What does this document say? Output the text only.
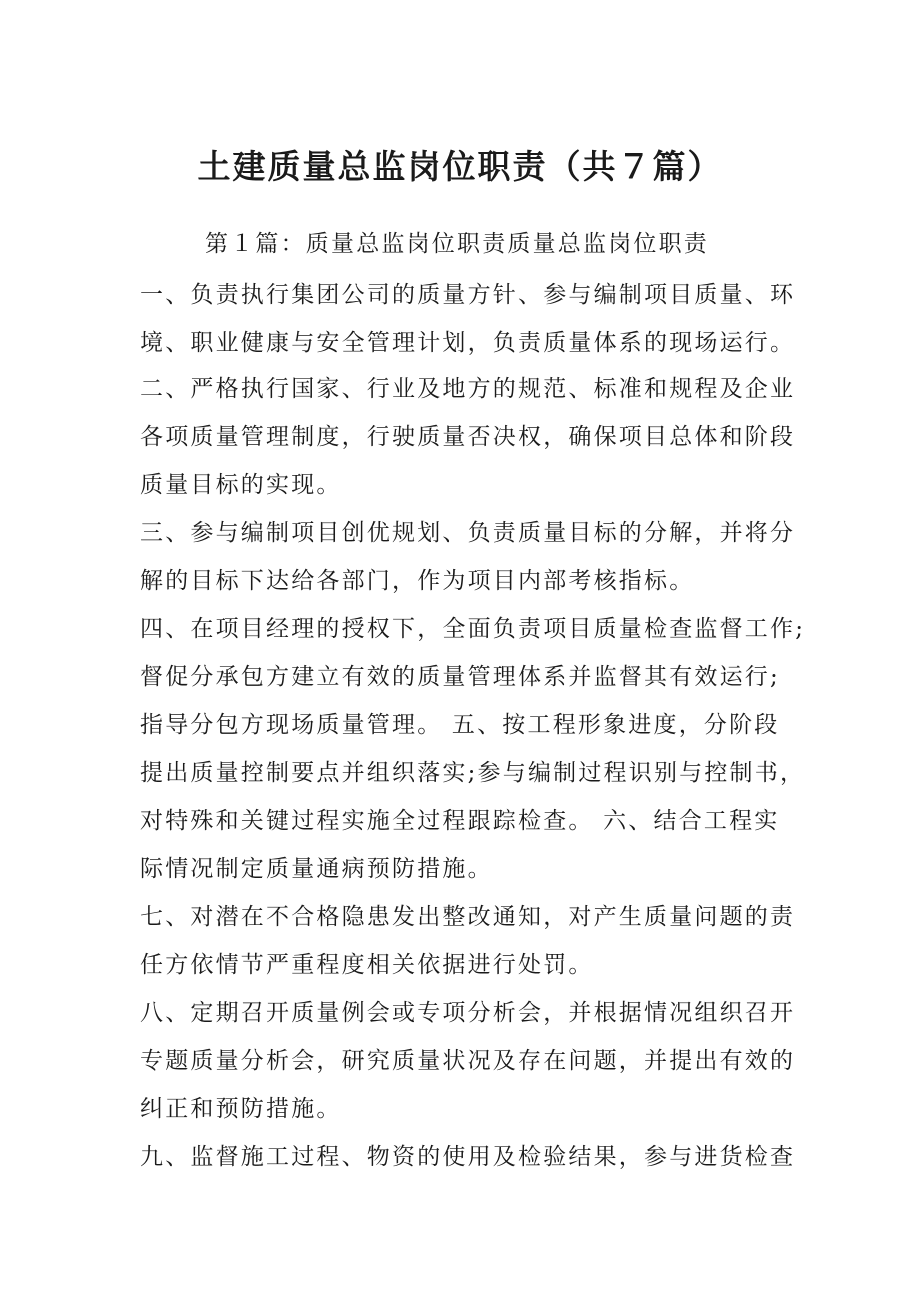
土建质量总监岗位职责（共７篇）
第１篇：质量总监岗位职责质量总监岗位职责
一、负责执行集团公司的质量方针、参与编制项目质量、环
境、职业健康与安全管理计划，负责质量体系的现场运行。
二、严格执行国家、行业及地方的规范、标准和规程及企业
各项质量管理制度，行驶质量否决权，确保项目总体和阶段
质量目标的实现。
三、参与编制项目创优规划、负责质量目标的分解，并将分
解的目标下达给各部门，作为项目内部考核指标。
四、在项目经理的授权下，全面负责项目质量检查监督工作;
督促分承包方建立有效的质量管理体系并监督其有效运行;
指导分包方现场质量管理。 五、按工程形象进度，分阶段
提出质量控制要点并组织落实;参与编制过程识别与控制书，
对特殊和关键过程实施全过程跟踪检查。 六、结合工程实
际情况制定质量通病预防措施。
七、对潜在不合格隐患发出整改通知，对产生质量问题的责
任方依情节严重程度相关依据进行处罚。
八、定期召开质量例会或专项分析会，并根据情况组织召开
专题质量分析会，研究质量状况及存在问题，并提出有效的
纠正和预防措施。
九、监督施工过程、物资的使用及检验结果，参与进货检查
